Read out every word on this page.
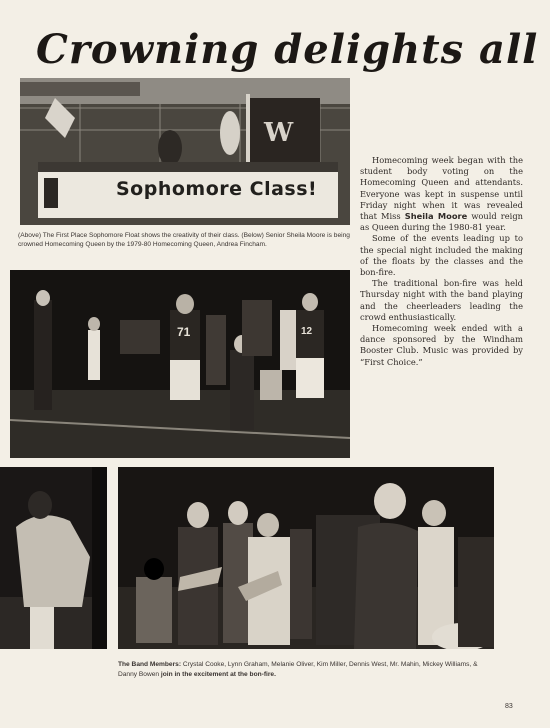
Crowning delights all
W
Sophomore Class!
(Above) The First Place Sophomore Float shows the creativity of their class. (Below) Senior Sheila Moore is being crowned Homecoming Queen by the 1979-80 Homecoming Queen, Andrea Fincham.
71	12

Homecoming week began with the student body voting on the Homecoming Queen and attendants. Everyone was kept in suspense until Friday night when it was revealed that Miss Sheila Moore would reign as Queen during the 1980-81 year.

Some of the events leading up to the special night included the making of the floats by the classes and the bon-fire.

The traditional bon-fire was held Thursday night with the band playing and the cheerleaders leading the crowd enthusiastically.

Homecoming week ended with a dance sponsored by the Windham Booster Club. Music was provided by “First Choice.”

The Band Members: Crystal Cooke, Lynn Graham, Melanie Oliver, Kim Miller, Dennis West, Mr. Mahin, Mickey Williams, & Danny Bowen join in the excitement at the bon-fire.
83
